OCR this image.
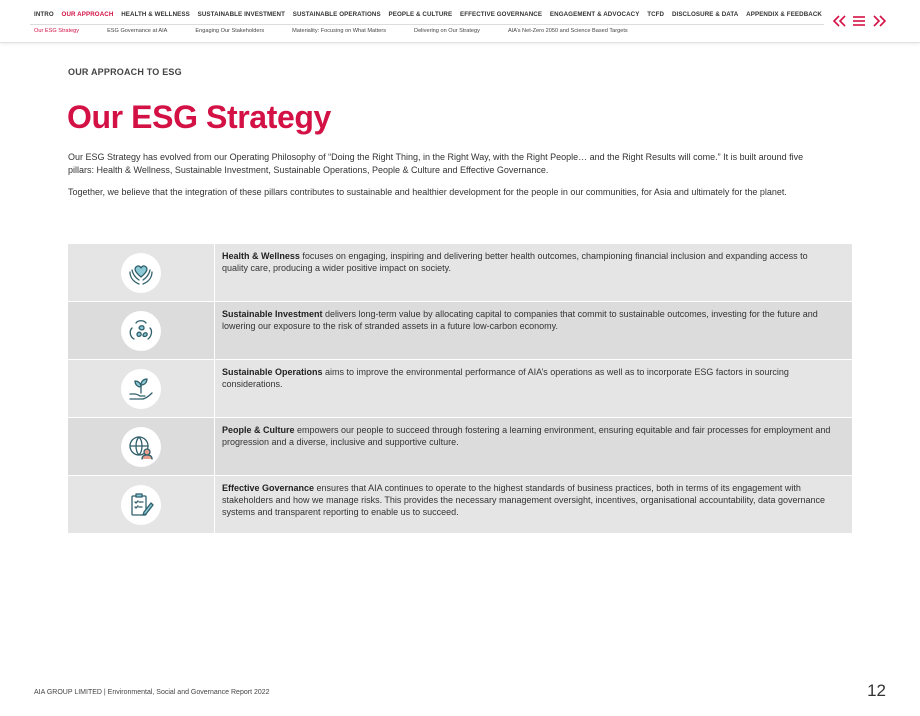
INTRO OUR APPROACH HEALTH & WELLNESS SUSTAINABLE INVESTMENT SUSTAINABLE OPERATIONS PEOPLE & CULTURE EFFECTIVE GOVERNANCE ENGAGEMENT & ADVOCACY TCFD DISCLOSURE & DATA APPENDIX & FEEDBACK
Our ESG Strategy	ESG Governance at AIA	Engaging Our Stakeholders	Materiality: Focusing on What Matters	Delivering on Our Strategy	AIA’s Net-Zero 2050 and Science Based Targets
OUR APPROACH TO ESG
Our ESG Strategy

Our ESG Strategy has evolved from our Operating Philosophy of “Doing the Right Thing, in the Right Way, with the Right People… and the Right Results will come.” It is built around five pillars: Health & Wellness, Sustainable Investment, Sustainable Operations, People & Culture and Effective Governance.

Together, we believe that the integration of these pillars contributes to sustainable and healthier development for the people in our communities, for Asia and ultimately for the planet.

Health & Wellness focuses on engaging, inspiring and delivering better health outcomes, championing financial inclusion and expanding access to quality care, producing a wider positive impact on society.
Sustainable Investment delivers long-term value by allocating capital to companies that commit to sustainable outcomes, investing for the future and lowering our exposure to the risk of stranded assets in a future low-carbon economy.
Sustainable Operations aims to improve the environmental performance of AIA’s operations as well as to incorporate ESG factors in sourcing considerations.
People & Culture empowers our people to succeed through fostering a learning environment, ensuring equitable and fair processes for employment and progression and a diverse, inclusive and supportive culture.
Effective Governance ensures that AIA continues to operate to the highest standards of business practices, both in terms of its engagement with stakeholders and how we manage risks. This provides the necessary management oversight, incentives, organisational accountability, data governance systems and transparent reporting to enable us to succeed.
AIA GROUP LIMITED | Environmental, Social and Governance Report 2022	12
